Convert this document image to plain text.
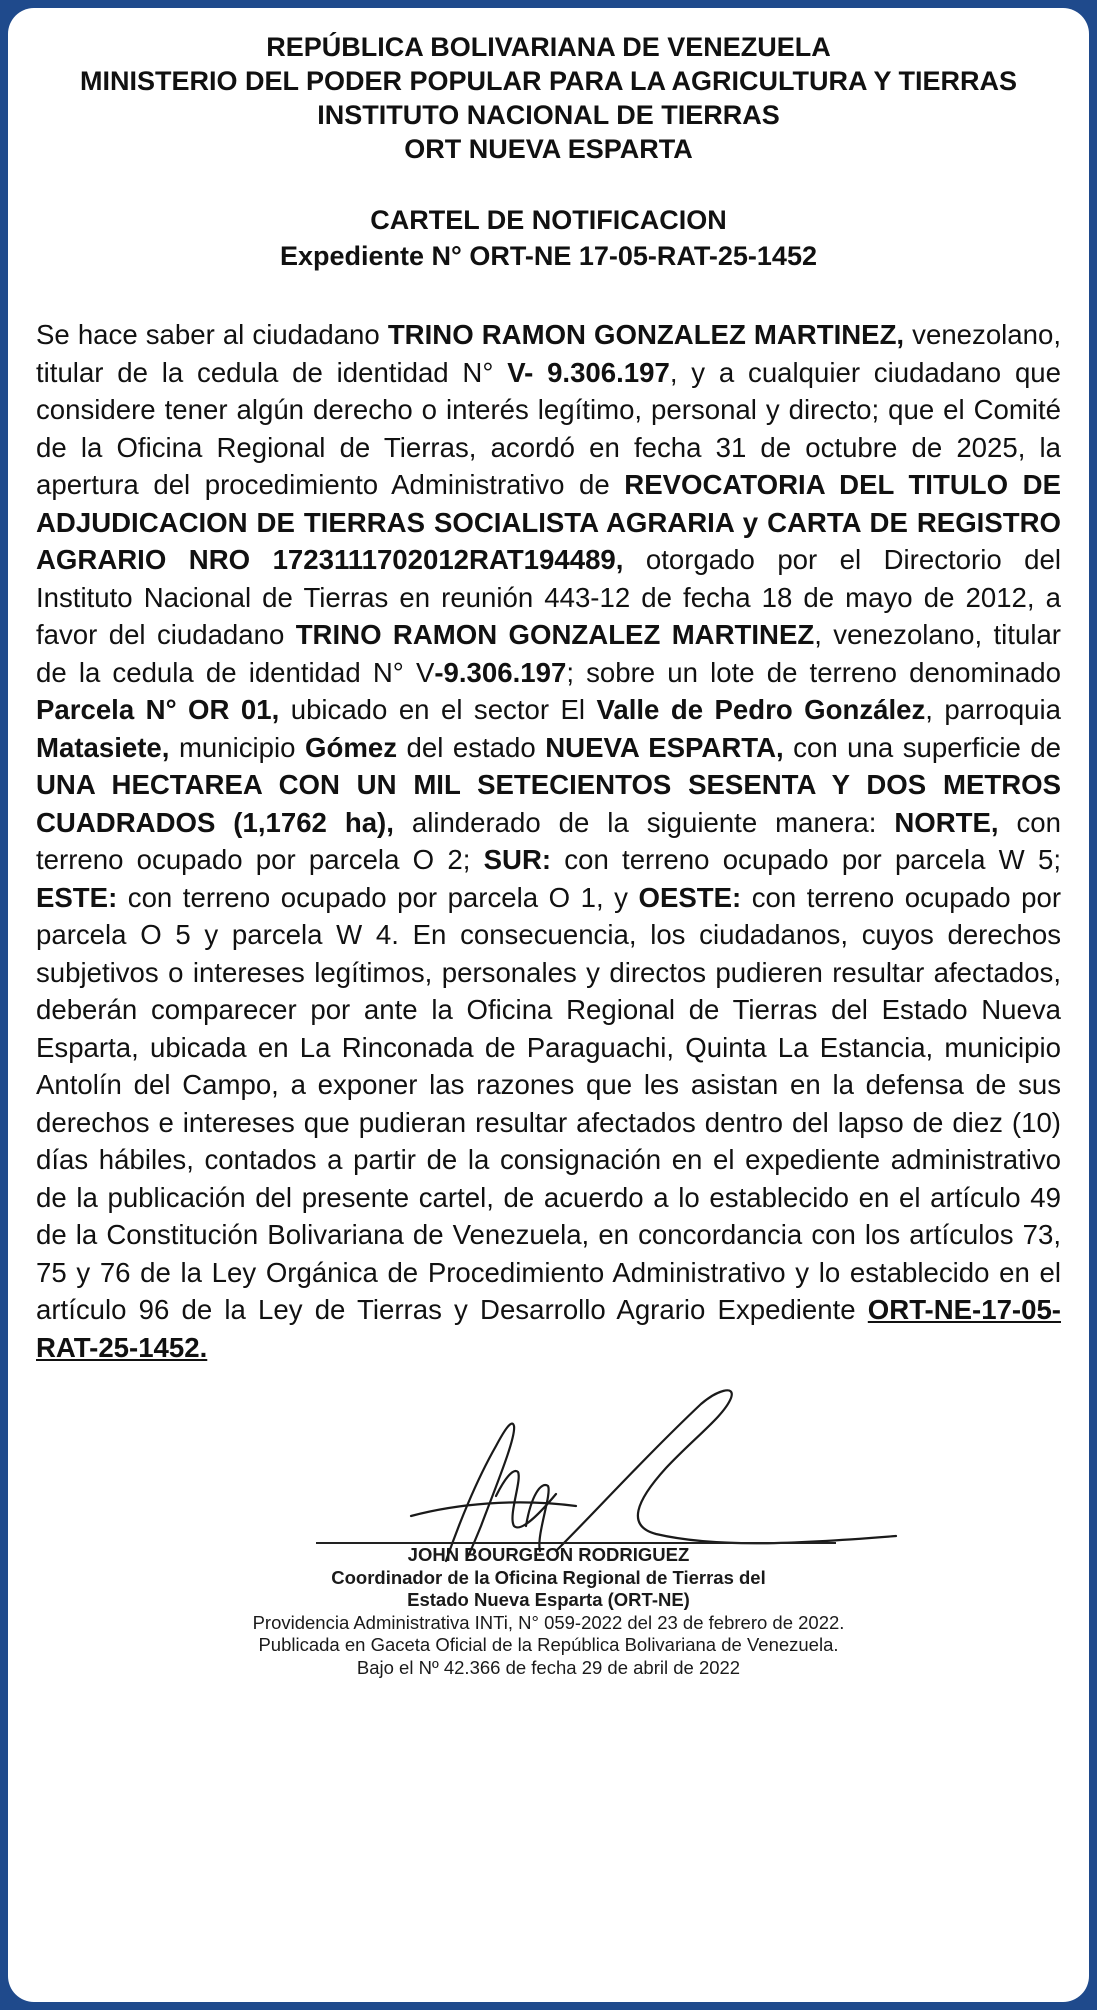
REPÚBLICA BOLIVARIANA DE VENEZUELA
MINISTERIO DEL PODER POPULAR PARA LA AGRICULTURA Y TIERRAS
INSTITUTO NACIONAL DE TIERRAS
ORT NUEVA ESPARTA
CARTEL DE NOTIFICACION
Expediente N° ORT-NE 17-05-RAT-25-1452
Se hace saber al ciudadano TRINO RAMON GONZALEZ MARTINEZ, venezolano, titular de la cedula de identidad N° V- 9.306.197, y a cualquier ciudadano que considere tener algún derecho o interés legítimo, personal y directo; que el Comité de la Oficina Regional de Tierras, acordó en fecha 31 de octubre de 2025, la apertura del procedimiento Administrativo de REVOCATORIA DEL TITULO DE ADJUDICACION DE TIERRAS SOCIALISTA AGRARIA y CARTA DE REGISTRO AGRARIO NRO 1723111702012RAT194489, otorgado por el Directorio del Instituto Nacional de Tierras en reunión 443-12 de fecha 18 de mayo de 2012, a favor del ciudadano TRINO RAMON GONZALEZ MARTINEZ, venezolano, titular de la cedula de identidad N° V-9.306.197; sobre un lote de terreno denominado Parcela N° OR 01, ubicado en el sector El Valle de Pedro González, parroquia Matasiete, municipio Gómez del estado NUEVA ESPARTA, con una superficie de UNA HECTAREA CON UN MIL SETECIENTOS SESENTA Y DOS METROS CUADRADOS (1,1762 ha), alinderado de la siguiente manera: NORTE, con terreno ocupado por parcela O 2; SUR: con terreno ocupado por parcela W 5; ESTE: con terreno ocupado por parcela O 1, y OESTE: con terreno ocupado por parcela O 5 y parcela W 4. En consecuencia, los ciudadanos, cuyos derechos subjetivos o intereses legítimos, personales y directos pudieren resultar afectados, deberán comparecer por ante la Oficina Regional de Tierras del Estado Nueva Esparta, ubicada en La Rinconada de Paraguachi, Quinta La Estancia, municipio Antolín del Campo, a exponer las razones que les asistan en la defensa de sus derechos e intereses que pudieran resultar afectados dentro del lapso de diez (10) días hábiles, contados a partir de la consignación en el expediente administrativo de la publicación del presente cartel, de acuerdo a lo establecido en el artículo 49 de la Constitución Bolivariana de Venezuela, en concordancia con los artículos 73, 75 y 76 de la Ley Orgánica de Procedimiento Administrativo y lo establecido en el artículo 96 de la Ley de Tierras y Desarrollo Agrario Expediente ORT-NE-17-05-RAT-25-1452.
JOHN BOURGEON RODRIGUEZ
Coordinador de la Oficina Regional de Tierras del
Estado Nueva Esparta (ORT-NE)
Providencia Administrativa INTi, N° 059-2022 del 23 de febrero de 2022.
Publicada en Gaceta Oficial de la República Bolivariana de Venezuela.
Bajo el Nº 42.366 de fecha 29 de abril de 2022
